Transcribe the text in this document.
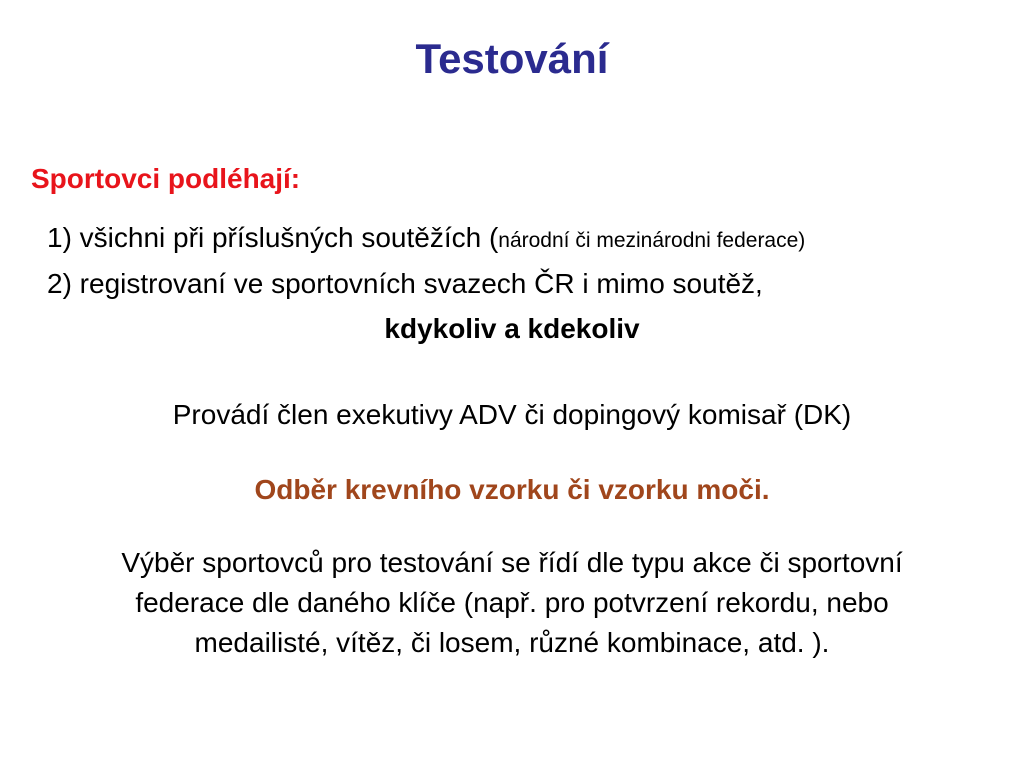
Testování
Sportovci podléhají:
1) všichni při příslušných soutěžích (národní či mezinárodni federace)
2) registrovaní ve sportovních svazech ČR i mimo soutěž,
kdykoliv a kdekoliv
Provádí člen exekutivy ADV či dopingový komisař (DK)
Odběr krevního vzorku či vzorku moči.
Výběr sportovců pro testování se řídí dle typu akce či sportovní
federace dle daného klíče (např. pro potvrzení rekordu, nebo
medailisté, vítěz, či losem, různé kombinace, atd. ).
